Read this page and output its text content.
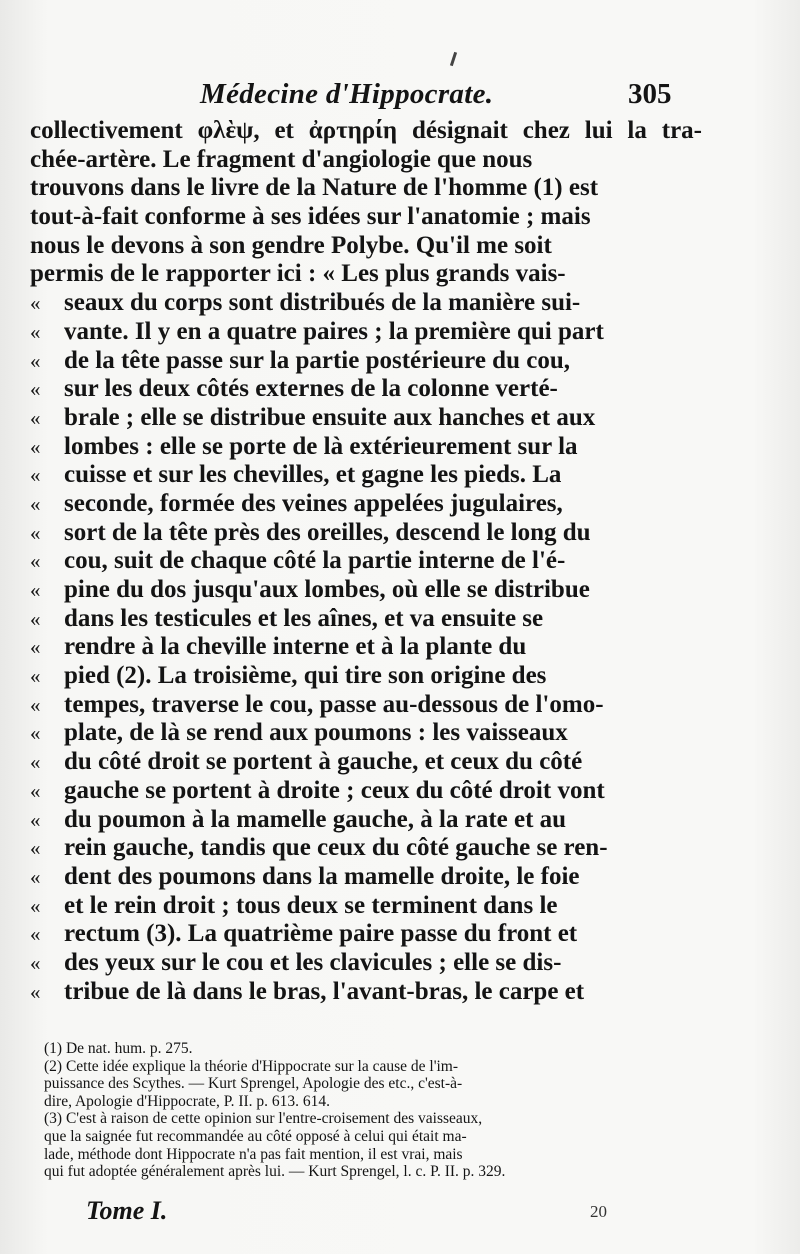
Médecine d'Hippocrate.	305
collectivement φλὲψ, et ἀρτηρίη désignait chez lui la tra-
chée-artère. Le fragment d'angiologie que nous
trouvons dans le livre de la Nature de l'homme (1) est
tout-à-fait conforme à ses idées sur l'anatomie ; mais
nous le devons à son gendre Polybe. Qu'il me soit
permis de le rapporter ici : « Les plus grands vais-
« seaux du corps sont distribués de la manière sui-
« vante. Il y en a quatre paires ; la première qui part
« de la tête passe sur la partie postérieure du cou,
« sur les deux côtés externes de la colonne verté-
« brale ; elle se distribue ensuite aux hanches et aux
« lombes : elle se porte de là extérieurement sur la
« cuisse et sur les chevilles, et gagne les pieds. La
« seconde, formée des veines appelées jugulaires,
« sort de la tête près des oreilles, descend le long du
« cou, suit de chaque côté la partie interne de l'é-
« pine du dos jusqu'aux lombes, où elle se distribue
« dans les testicules et les aînes, et va ensuite se
« rendre à la cheville interne et à la plante du
« pied (2). La troisième, qui tire son origine des
« tempes, traverse le cou, passe au-dessous de l'omo-
« plate, de là se rend aux poumons : les vaisseaux
« du côté droit se portent à gauche, et ceux du côté
« gauche se portent à droite ; ceux du côté droit vont
« du poumon à la mamelle gauche, à la rate et au
« rein gauche, tandis que ceux du côté gauche se ren-
« dent des poumons dans la mamelle droite, le foie
« et le rein droit ; tous deux se terminent dans le
« rectum (3). La quatrième paire passe du front et
« des yeux sur le cou et les clavicules ; elle se dis-
« tribue de là dans le bras, l'avant-bras, le carpe et
(1) De nat. hum. p. 275.
(2) Cette idée explique la théorie d'Hippocrate sur la cause de l'im-
puissance des Scythes. — Kurt Sprengel, Apologie des etc., c'est-à-
dire, Apologie d'Hippocrate, P. II. p. 613. 614.
(3) C'est à raison de cette opinion sur l'entre-croisement des vaisseaux,
que la saignée fut recommandée au côté opposé à celui qui était ma-
lade, méthode dont Hippocrate n'a pas fait mention, il est vrai, mais
qui fut adoptée généralement après lui. — Kurt Sprengel, l. c. P. II. p. 329.
Tome I.	20
